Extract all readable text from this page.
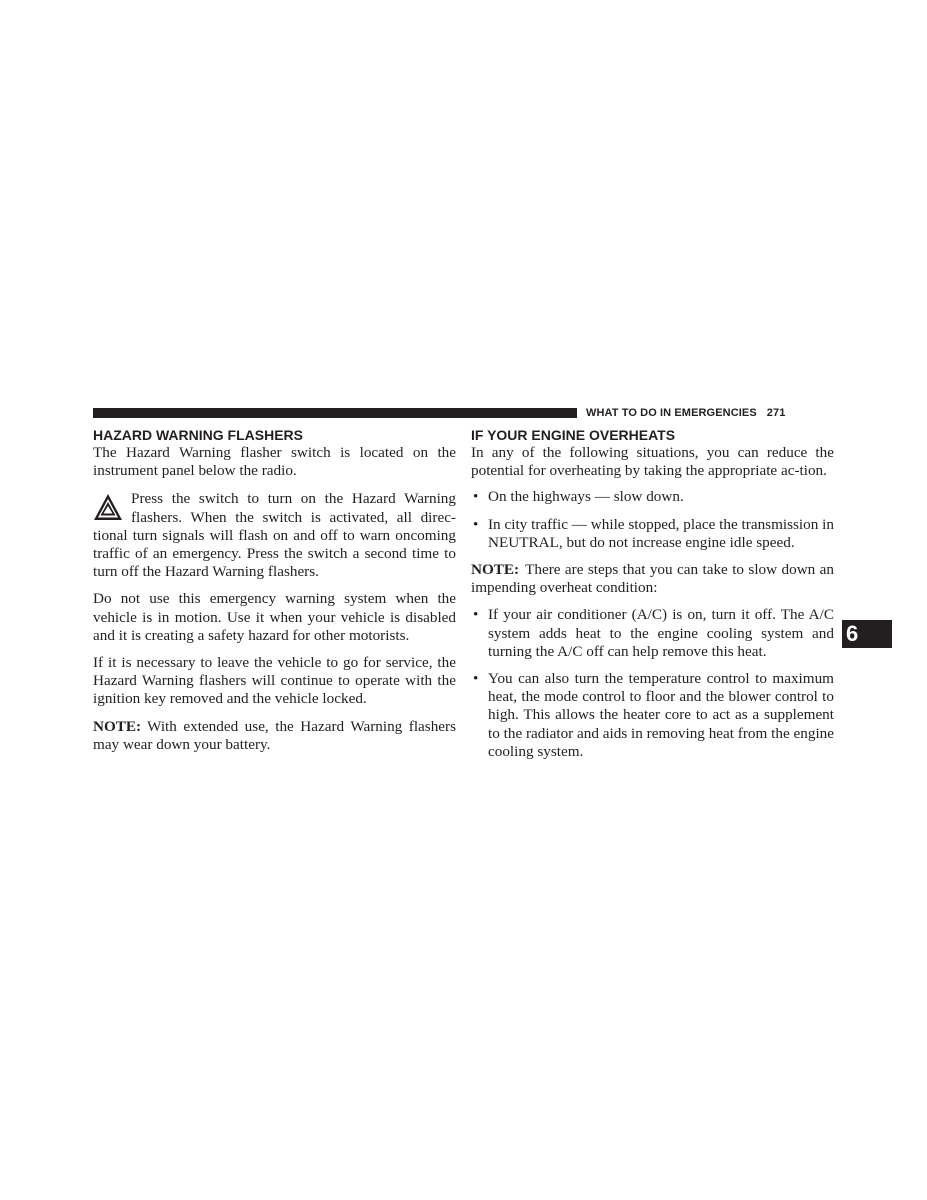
WHAT TO DO IN EMERGENCIES 271
HAZARD WARNING FLASHERS

The Hazard Warning flasher switch is located on the instrument panel below the radio.

Press the switch to turn on the Hazard Warning flashers. When the switch is activated, all direc-tional turn signals will flash on and off to warn oncoming traffic of an emergency. Press the switch a second time to turn off the Hazard Warning flashers.

Do not use this emergency warning system when the vehicle is in motion. Use it when your vehicle is disabled and it is creating a safety hazard for other motorists.

If it is necessary to leave the vehicle to go for service, the Hazard Warning flashers will continue to operate with the ignition key removed and the vehicle locked.

NOTE: With extended use, the Hazard Warning flashers may wear down your battery.

IF YOUR ENGINE OVERHEATS

In any of the following situations, you can reduce the potential for overheating by taking the appropriate ac-tion.

• On the highways — slow down.
• In city traffic — while stopped, place the transmission in NEUTRAL, but do not increase engine idle speed.

NOTE: There are steps that you can take to slow down an impending overheat condition:

• If your air conditioner (A/C) is on, turn it off. The A/C system adds heat to the engine cooling system and turning the A/C off can help remove this heat.
• You can also turn the temperature control to maximum heat, the mode control to floor and the blower control to high. This allows the heater core to act as a supplement to the radiator and aids in removing heat from the engine cooling system.
6
